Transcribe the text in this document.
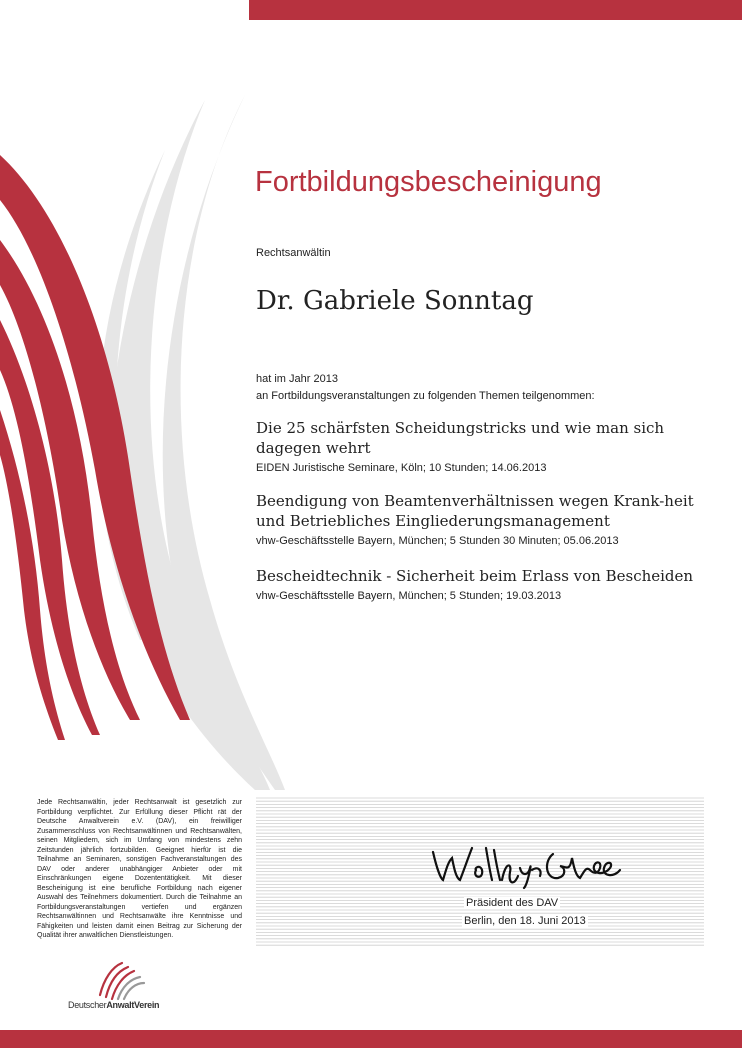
Fortbildungsbescheinigung
Rechtsanwältin
Dr. Gabriele Sonntag
hat im Jahr 2013
an Fortbildungsveranstaltungen zu folgenden Themen teilgenommen:
Die 25 schärfsten Scheidungstricks und wie man sich dagegen wehrt
EIDEN Juristische Seminare, Köln; 10 Stunden; 14.06.2013
Beendigung von Beamtenverhältnissen wegen Krank-heit und Betriebliches Eingliederungsmanagement
vhw-Geschäftsstelle Bayern, München; 5 Stunden 30 Minuten; 05.06.2013
Bescheidtechnik - Sicherheit beim Erlass von Bescheiden
vhw-Geschäftsstelle Bayern, München; 5 Stunden; 19.03.2013

Jede Rechtsanwältin, jeder Rechtsanwalt ist gesetzlich zur Fortbildung verpflichtet. Zur Erfüllung dieser Pflicht rät der Deutsche Anwaltverein e.V. (DAV), ein freiwilliger Zusammenschluss von Rechtsanwältinnen und Rechtsanwälten, seinen Mitgliedern, sich im Umfang von mindestens zehn Zeitstunden jährlich fortzubilden. Geeignet hierfür ist die Teilnahme an Seminaren, sonstigen Fachveranstaltungen des DAV oder anderer unabhängiger Anbieter oder mit Einschränkungen eigene Dozententätigkeit. Mit dieser Bescheinigung ist eine berufliche Fortbildung nach eigener Auswahl des Teilnehmers dokumentiert. Durch die Teilnahme an Fortbildungsveranstaltungen vertiefen und ergänzen Rechtsanwältinnen und Rechtsanwälte ihre Kenntnisse und Fähigkeiten und leisten damit einen Beitrag zur Sicherung der Qualität ihrer anwaltlichen Dienstleistungen.

Präsident des DAV
Berlin, den 18. Juni 2013
DeutscherAnwaltVerein
